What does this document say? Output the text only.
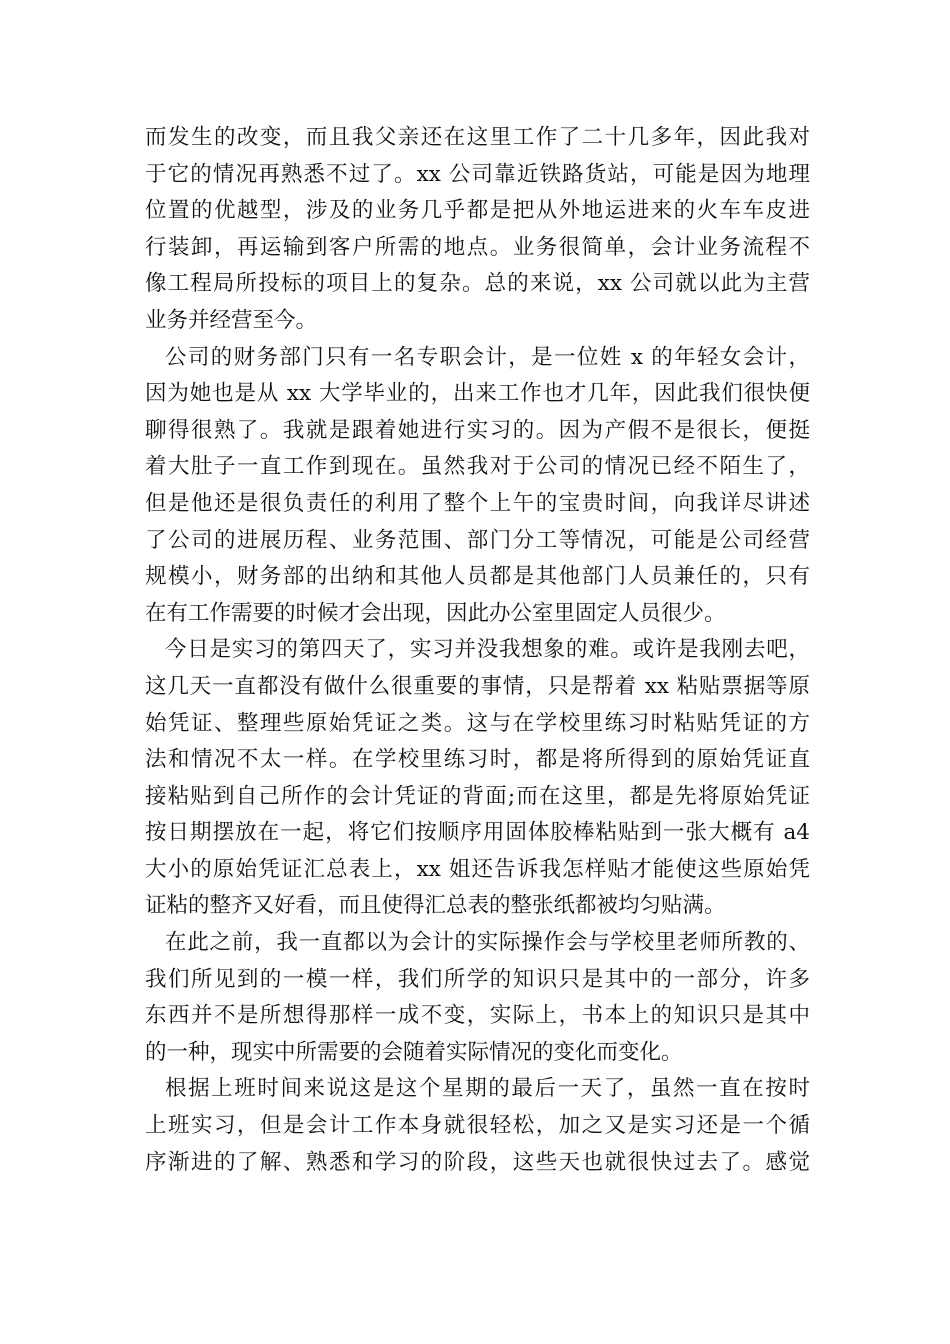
而发生的改变，而且我父亲还在这里工作了二十几多年，因此我对
于它的情况再熟悉不过了。xx 公司靠近铁路货站，可能是因为地理
位置的优越型，涉及的业务几乎都是把从外地运进来的火车车皮进
行装卸，再运输到客户所需的地点。业务很简单，会计业务流程不
像工程局所投标的项目上的复杂。总的来说，xx 公司就以此为主营
业务并经营至今。

公司的财务部门只有一名专职会计，是一位姓 x 的年轻女会计，
因为她也是从 xx 大学毕业的，出来工作也才几年，因此我们很快便
聊得很熟了。我就是跟着她进行实习的。因为产假不是很长，便挺
着大肚子一直工作到现在。虽然我对于公司的情况已经不陌生了，
但是他还是很负责任的利用了整个上午的宝贵时间，向我详尽讲述
了公司的进展历程、业务范围、部门分工等情况，可能是公司经营
规模小，财务部的出纳和其他人员都是其他部门人员兼任的，只有
在有工作需要的时候才会出现，因此办公室里固定人员很少。

今日是实习的第四天了，实习并没我想象的难。或许是我刚去吧，
这几天一直都没有做什么很重要的事情，只是帮着 xx 粘贴票据等原
始凭证、整理些原始凭证之类。这与在学校里练习时粘贴凭证的方
法和情况不太一样。在学校里练习时，都是将所得到的原始凭证直
接粘贴到自己所作的会计凭证的背面;而在这里，都是先将原始凭证
按日期摆放在一起，将它们按顺序用固体胶棒粘贴到一张大概有 a4
大小的原始凭证汇总表上，xx 姐还告诉我怎样贴才能使这些原始凭
证粘的整齐又好看，而且使得汇总表的整张纸都被均匀贴满。

在此之前，我一直都以为会计的实际操作会与学校里老师所教的、
我们所见到的一模一样，我们所学的知识只是其中的一部分，许多
东西并不是所想得那样一成不变，实际上，书本上的知识只是其中
的一种，现实中所需要的会随着实际情况的变化而变化。

根据上班时间来说这是这个星期的最后一天了，虽然一直在按时
上班实习，但是会计工作本身就很轻松，加之又是实习还是一个循
序渐进的了解、熟悉和学习的阶段，这些天也就很快过去了。感觉
